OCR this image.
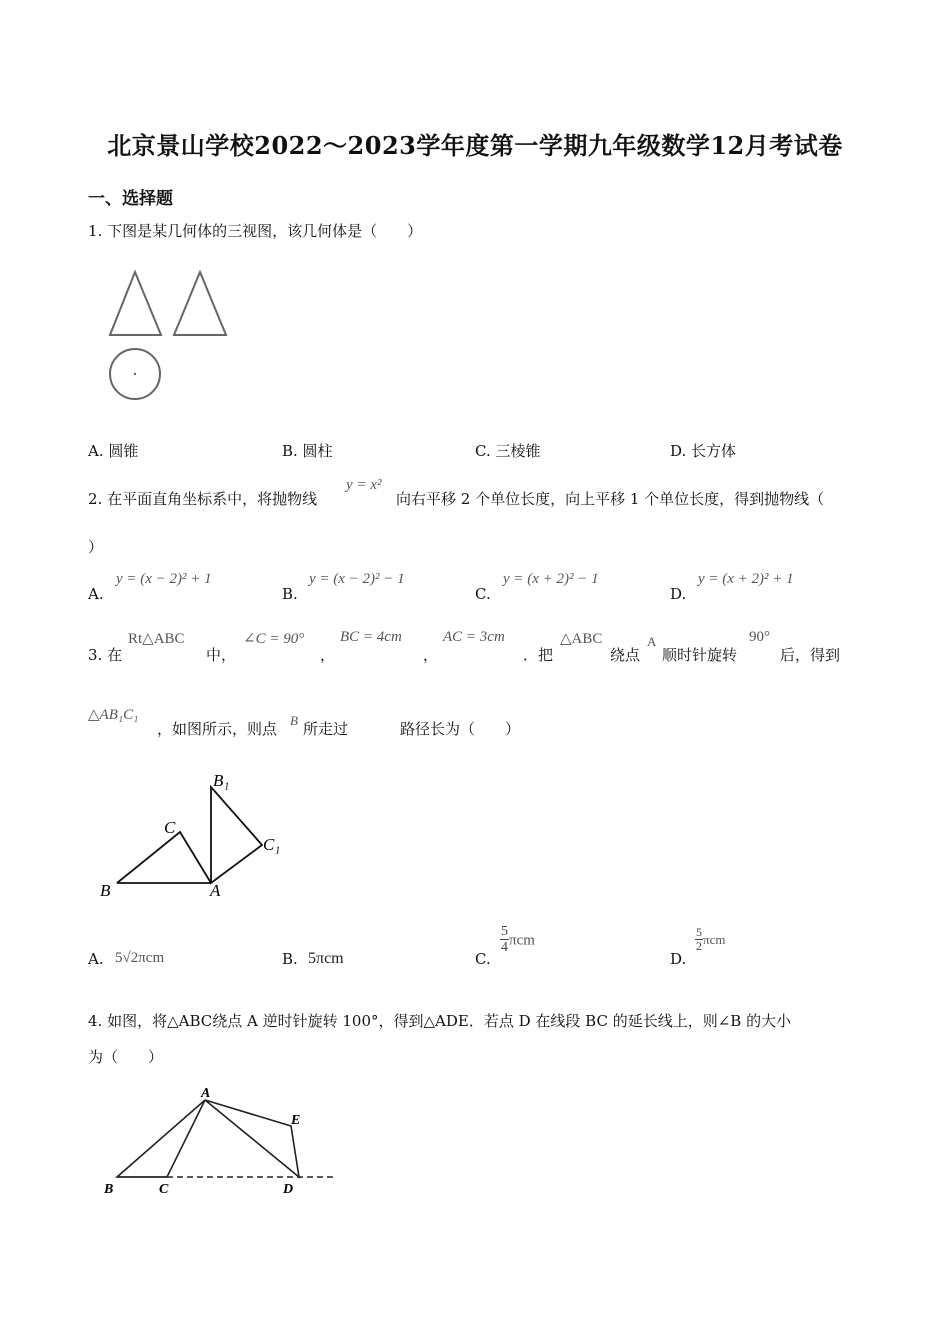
北京景山学校2022～2023学年度第一学期九年级数学12月考试卷
一、选择题
1. 下图是某几何体的三视图，该几何体是（　　）
A. 圆锥	B. 圆柱	C. 三棱锥	D. 长方体
2. 在平面直角坐标系中，将抛物线
y = x²
向右平移 2 个单位长度，向上平移 1 个单位长度，得到抛物线（
）
A.
y = (x − 2)² + 1
B.
y = (x − 2)² − 1
C.
y = (x + 2)² − 1
D.
y = (x + 2)² + 1
3. 在
Rt△ABC
中，
∠C = 90°
，
BC = 4cm
，
AC = 3cm
．把
△ABC
绕点
A
顺时针旋转
90°
后，得到
△AB₁C₁
，如图所示，则点 B 所走过	路径长为（　　）
B₁
C
C₁
B	A
A. 5√2πcm	B. 5πcm	C.
$\frac{5}{4}$ πcm
D.
$\frac{5}{2}$ πcm
4. 如图，将△ABC绕点 A 逆时针旋转 100°，得到△ADE．若点 D 在线段 BC 的延长线上，则∠B 的大小
为（　　）
A
E
B	C	D
